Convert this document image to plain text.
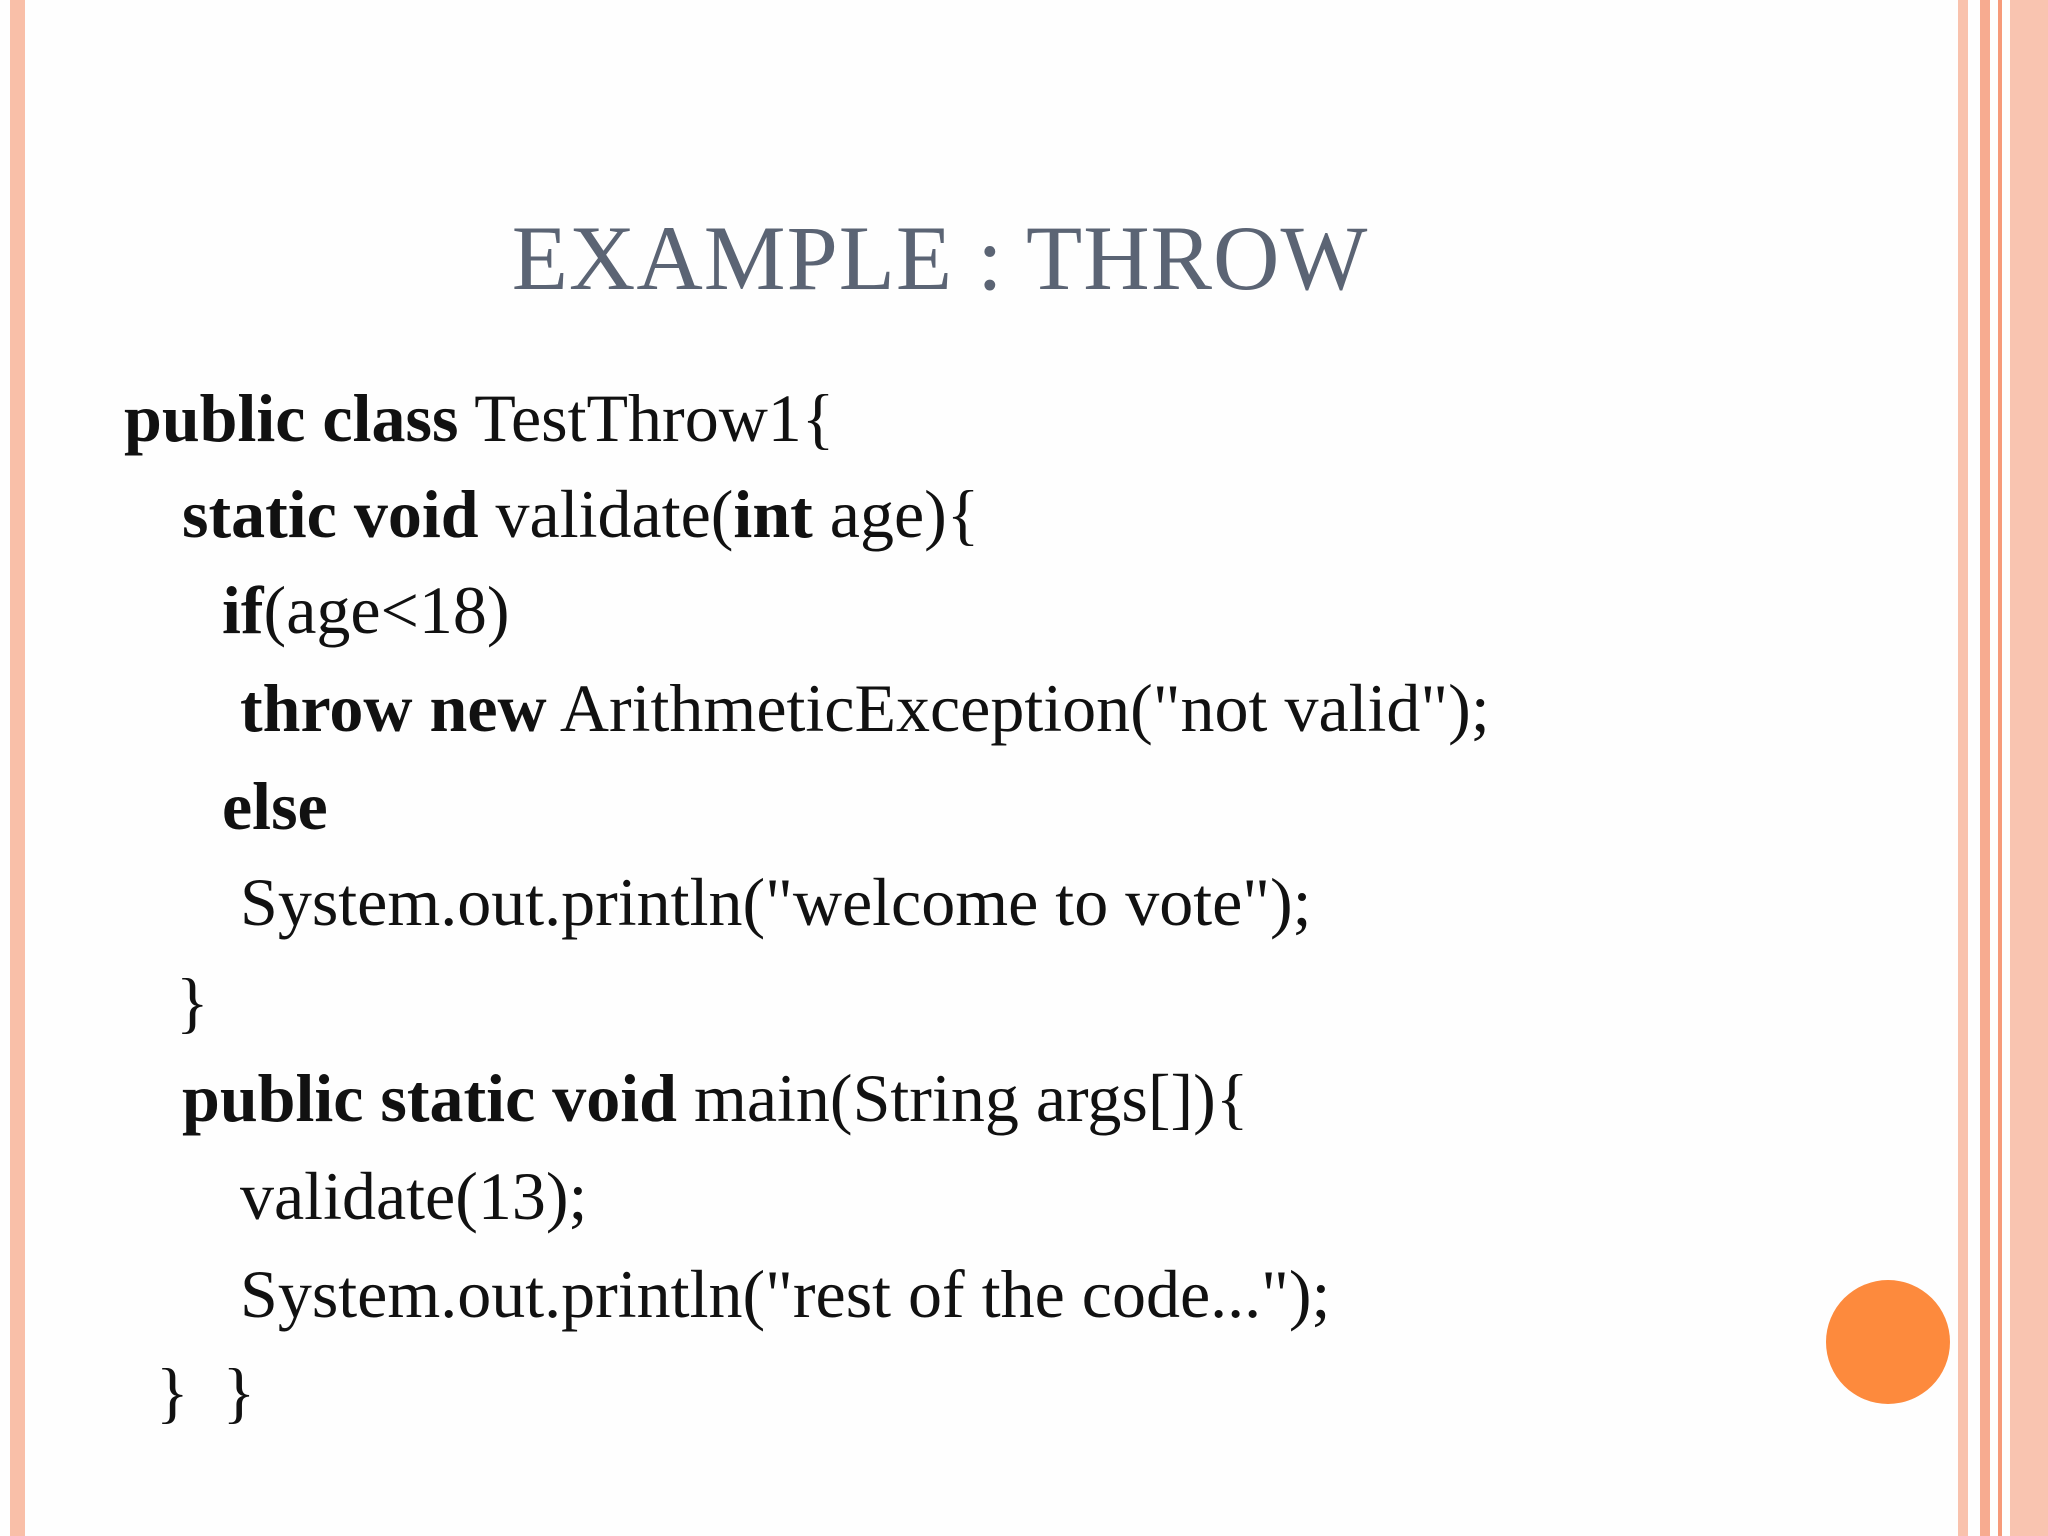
EXAMPLE : THROW
public class TestThrow1{
static void validate(int age){
if(age<18)
throw new ArithmeticException("not valid");
else
System.out.println("welcome to vote");
}
public static void main(String args[]){
validate(13);
System.out.println("rest of the code...");
}  }
